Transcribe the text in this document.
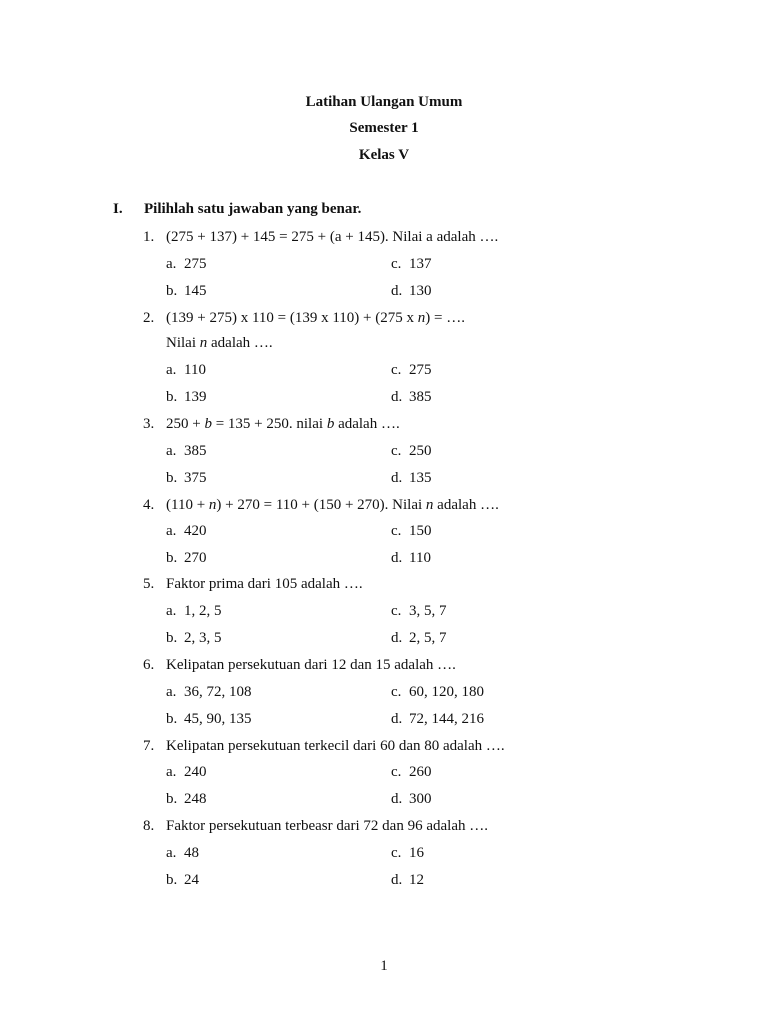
Latihan Ulangan Umum
Semester 1
Kelas V
I. Pilihlah satu jawaban yang benar.
1. (275 + 137) + 145 = 275 + (a + 145). Nilai a adalah ….
a. 275	c. 137
b. 145	d. 130
2. (139 + 275) x 110 = (139 x 110) + (275 x n) = ….
Nilai n adalah ….
a. 110	c. 275
b. 139	d. 385
3. 250 + b = 135 + 250. nilai b adalah ….
a. 385	c. 250
b. 375	d. 135
4. (110 + n) + 270 = 110 + (150 + 270). Nilai n adalah ….
a. 420	c. 150
b. 270	d. 110
5. Faktor prima dari 105 adalah ….
a. 1, 2, 5	c. 3, 5, 7
b. 2, 3, 5	d. 2, 5, 7
6. Kelipatan persekutuan dari 12 dan 15 adalah ….
a. 36, 72, 108	c. 60, 120, 180
b. 45, 90, 135	d. 72, 144, 216
7. Kelipatan persekutuan terkecil dari 60 dan 80 adalah ….
a. 240	c. 260
b. 248	d. 300
8. Faktor persekutuan terbeasr dari 72 dan 96 adalah ….
a. 48	c. 16
b. 24	d. 12
1
